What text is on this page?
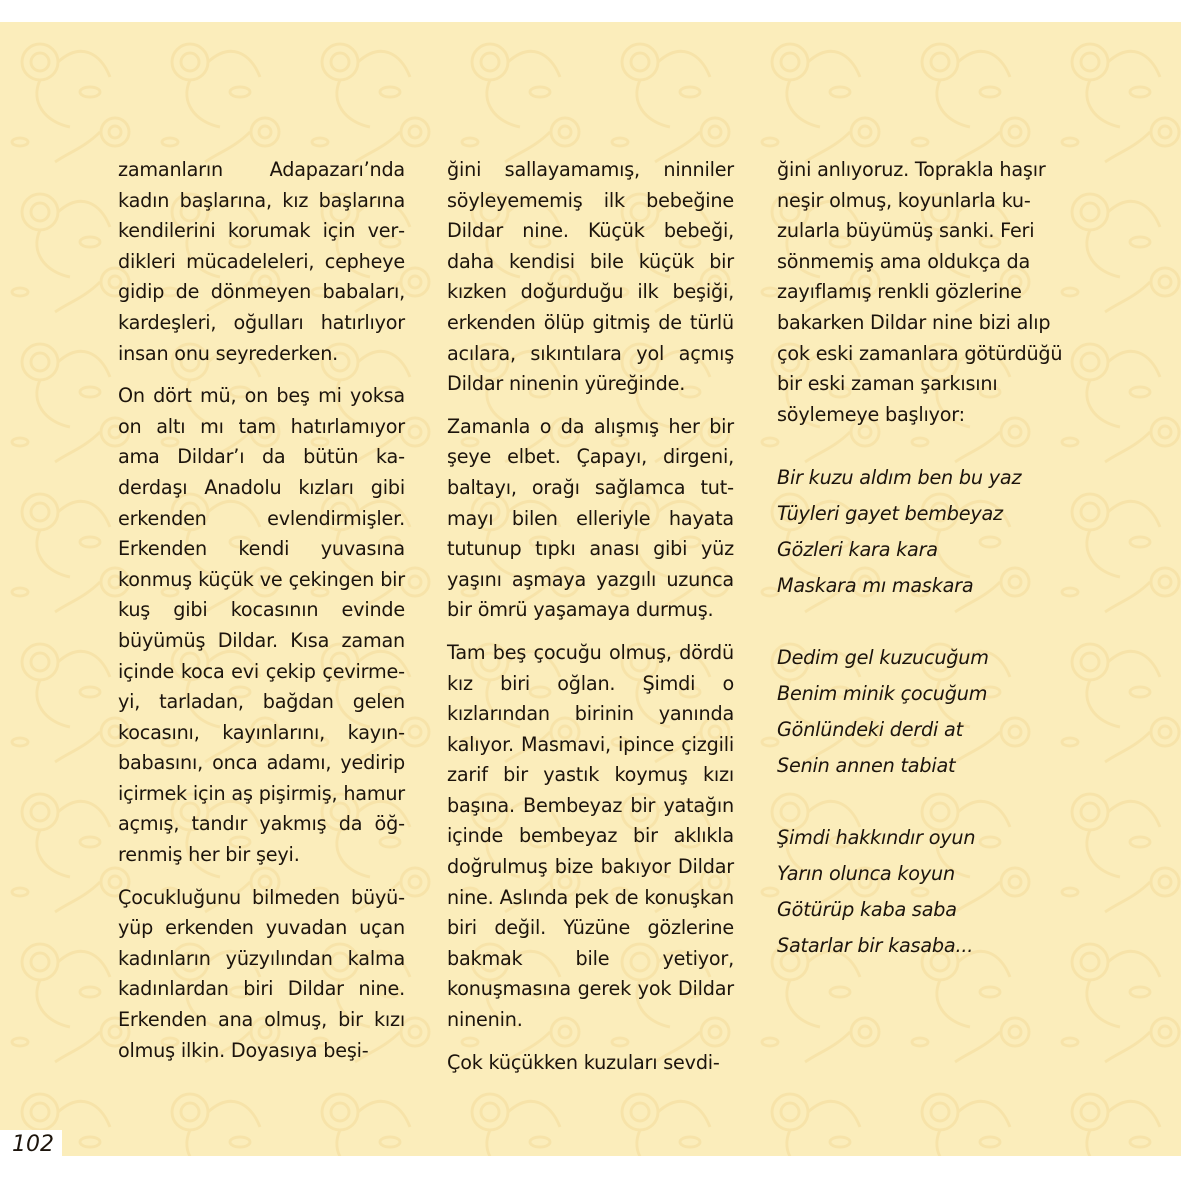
zamanların Adapazarı’nda kadın başlarına, kız başlarına kendilerini korumak için verdikleri mücadeleleri, cepheye gidip de dönmeyen babaları, kardeşleri, oğulları hatırlıyor insan onu seyrederken.

On dört mü, on beş mi yoksa on altı mı tam hatırlamıyor ama Dildar’ı da bütün kaderdaşı Anadolu kızları gibi erkenden evlendirmişler. Erkenden kendi yuvasına konmuş küçük ve çekingen bir kuş gibi kocasının evinde büyümüş Dildar. Kısa zaman içinde koca evi çekip çevirmeyi, tarladan, bağdan gelen kocasını, kayınlarını, kayınbabasını, onca adamı, yedirip içirmek için aş pişirmiş, hamur açmış, tandır yakmış da öğrenmiş her bir şeyi.

Çocukluğunu bilmeden büyüyüp erkenden yuvadan uçan kadınların yüzyılından kalma kadınlardan biri Dildar nine. Erkenden ana olmuş, bir kızı olmuş ilkin. Doyasıya beşi-

ğini sallayamamış, ninniler söyleyememiş ilk bebeğine Dildar nine. Küçük bebeği, daha kendisi bile küçük bir kızken doğurduğu ilk beşiği, erkenden ölüp gitmiş de türlü acılara, sıkıntılara yol açmış Dildar ninenin yüreğinde.

Zamanla o da alışmış her bir şeye elbet. Çapayı, dirgeni, baltayı, orağı sağlamca tutmayı bilen elleriyle hayata tutunup tıpkı anası gibi yüz yaşını aşmaya yazgılı uzunca bir ömrü yaşamaya durmuş.

Tam beş çocuğu olmuş, dördü kız biri oğlan. Şimdi o kızlarından birinin yanında kalıyor. Masmavi, ipince çizgili zarif bir yastık koymuş kızı başına. Bembeyaz bir yatağın içinde bembeyaz bir aklıkla doğrulmuş bize bakıyor Dildar nine. Aslında pek de konuşkan biri değil. Yüzüne gözlerine bakmak bile yetiyor, konuşmasına gerek yok Dildar ninenin.

Çok küçükken kuzuları sevdi-

ğini anlıyoruz. Toprakla haşır neşir olmuş, koyunlarla kuzularla büyümüş sanki. Feri sönmemiş ama oldukça da zayıflamış renkli gözlerine bakarken Dildar nine bizi alıp çok eski zamanlara götürdüğü bir eski zaman şarkısını söylemeye başlıyor:

Bir kuzu aldım ben bu yaz
Tüyleri gayet bembeyaz
Gözleri kara kara
Maskara mı maskara
Dedim gel kuzucuğum
Benim minik çocuğum
Gönlündeki derdi at
Senin annen tabiat
Şimdi hakkındır oyun
Yarın olunca koyun
Götürüp kaba saba
Satarlar bir kasaba...
102
